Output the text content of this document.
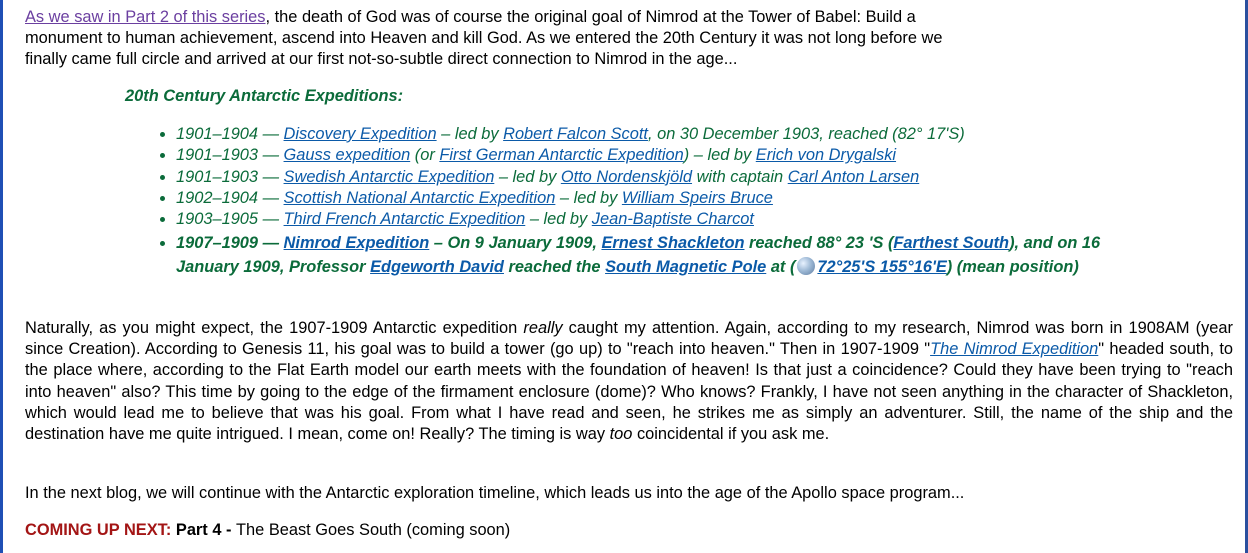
As we saw in Part 2 of this series, the death of God was of course the original goal of Nimrod at the Tower of Babel: Build a monument to human achievement, ascend into Heaven and kill God. As we entered the 20th Century it was not long before we finally came full circle and arrived at our first not-so-subtle direct connection to Nimrod in the age...
20th Century Antarctic Expeditions:
• 1901–1904 — Discovery Expedition – led by Robert Falcon Scott, on 30 December 1903, reached (82° 17'S)
• 1901–1903 — Gauss expedition (or First German Antarctic Expedition) – led by Erich von Drygalski
• 1901–1903 — Swedish Antarctic Expedition – led by Otto Nordenskjöld with captain Carl Anton Larsen
• 1902–1904 — Scottish National Antarctic Expedition – led by William Speirs Bruce
• 1903–1905 — Third French Antarctic Expedition – led by Jean-Baptiste Charcot
• 1907–1909 — Nimrod Expedition – On 9 January 1909, Ernest Shackleton reached 88° 23 'S (Farthest South), and on 16 January 1909, Professor Edgeworth David reached the South Magnetic Pole at ( 72°25'S 155°16'E) (mean position)
Naturally, as you might expect, the 1907-1909 Antarctic expedition really caught my attention. Again, according to my research, Nimrod was born in 1908AM (year since Creation). According to Genesis 11, his goal was to build a tower (go up) to "reach into heaven." Then in 1907-1909 "The Nimrod Expedition" headed south, to the place where, according to the Flat Earth model our earth meets with the foundation of heaven! Is that just a coincidence? Could they have been trying to "reach into heaven" also? This time by going to the edge of the firmament enclosure (dome)? Who knows? Frankly, I have not seen anything in the character of Shackleton, which would lead me to believe that was his goal. From what I have read and seen, he strikes me as simply an adventurer. Still, the name of the ship and the destination have me quite intrigued. I mean, come on! Really? The timing is way too coincidental if you ask me.
In the next blog, we will continue with the Antarctic exploration timeline, which leads us into the age of the Apollo space program...
COMING UP NEXT: Part 4 - The Beast Goes South (coming soon)
